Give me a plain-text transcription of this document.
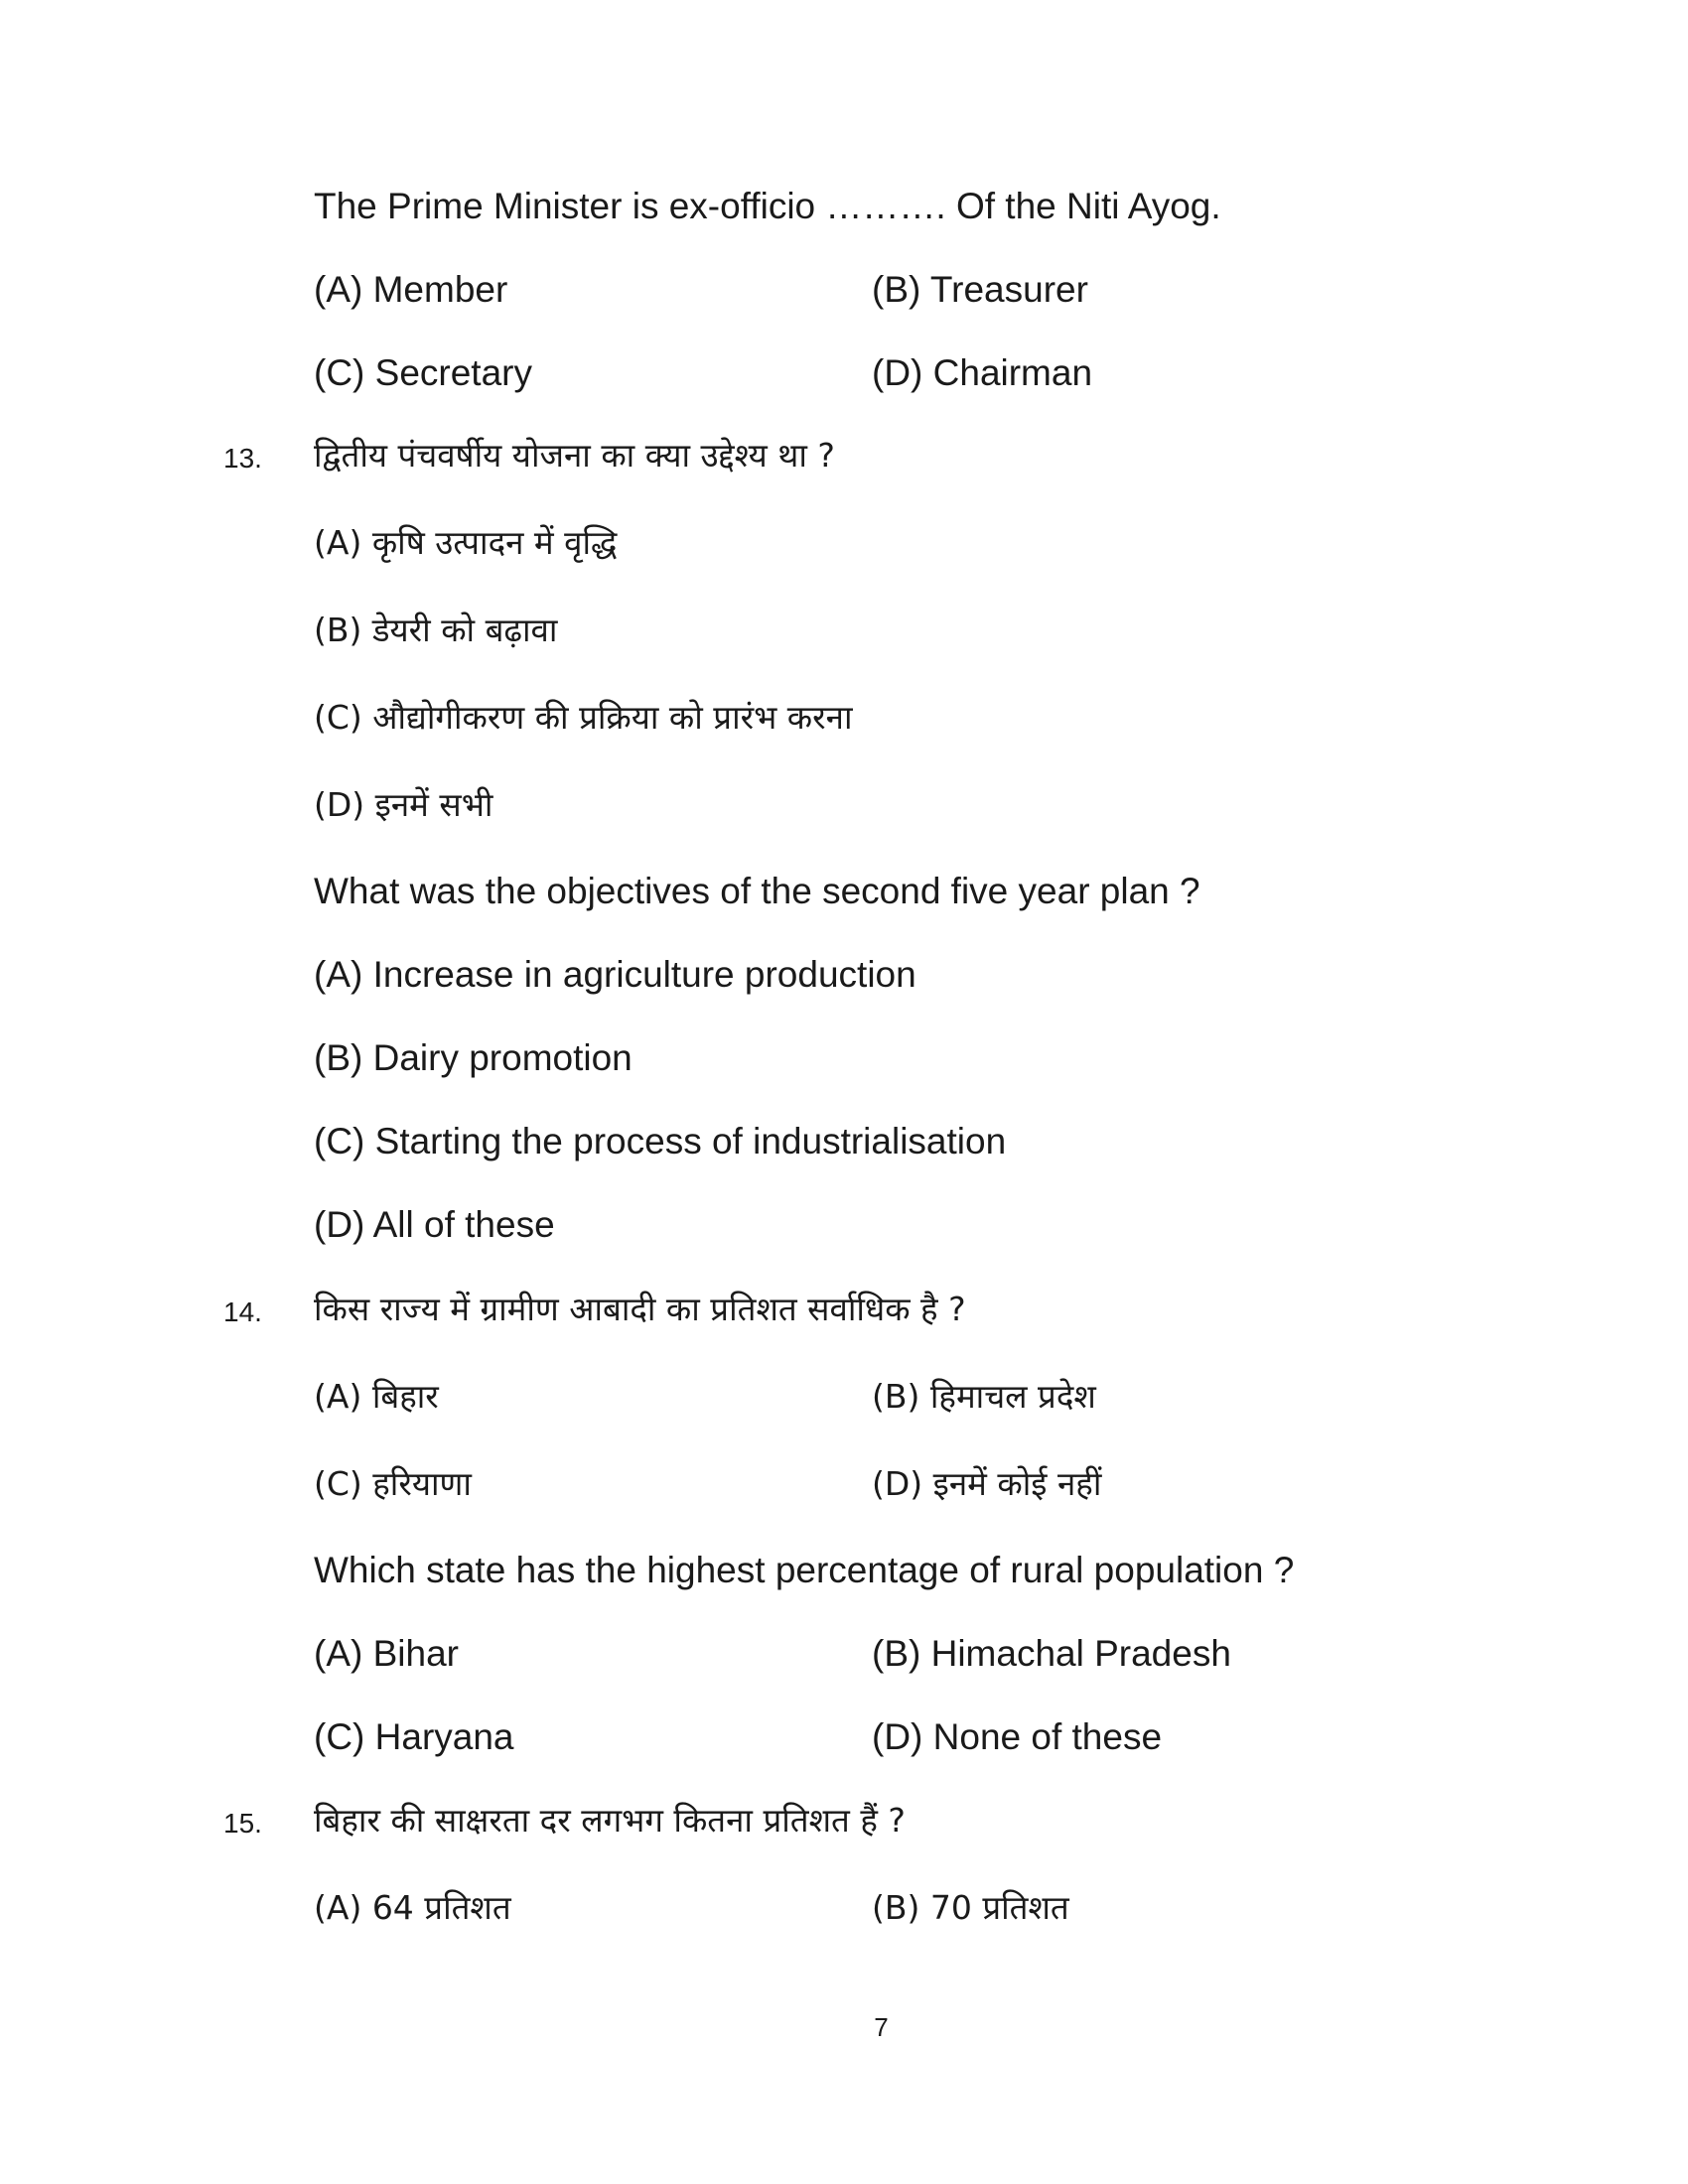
The Prime Minister is ex-officio ………. Of the Niti Ayog.
(A) Member	(B) Treasurer
(C) Secretary	(D) Chairman
13. द्वितीय पंचवर्षीय योजना का क्या उद्देश्य था ?
(A) कृषि उत्पादन में वृद्धि
(B) डेयरी को बढ़ावा
(C) औद्योगीकरण की प्रक्रिया को प्रारंभ करना
(D) इनमें सभी
What was the objectives of the second five year plan ?
(A) Increase in agriculture production
(B) Dairy promotion
(C) Starting the process of industrialisation
(D) All of these
14. किस राज्य में ग्रामीण आबादी का प्रतिशत सर्वाधिक है ?
(A) बिहार	(B) हिमाचल प्रदेश
(C) हरियाणा	(D) इनमें कोई नहीं
Which state has the highest percentage of rural population ?
(A) Bihar	(B) Himachal Pradesh
(C) Haryana	(D) None of these
15. बिहार की साक्षरता दर लगभग कितना प्रतिशत हैं ?
(A) 64 प्रतिशत	(B) 70 प्रतिशत
7
